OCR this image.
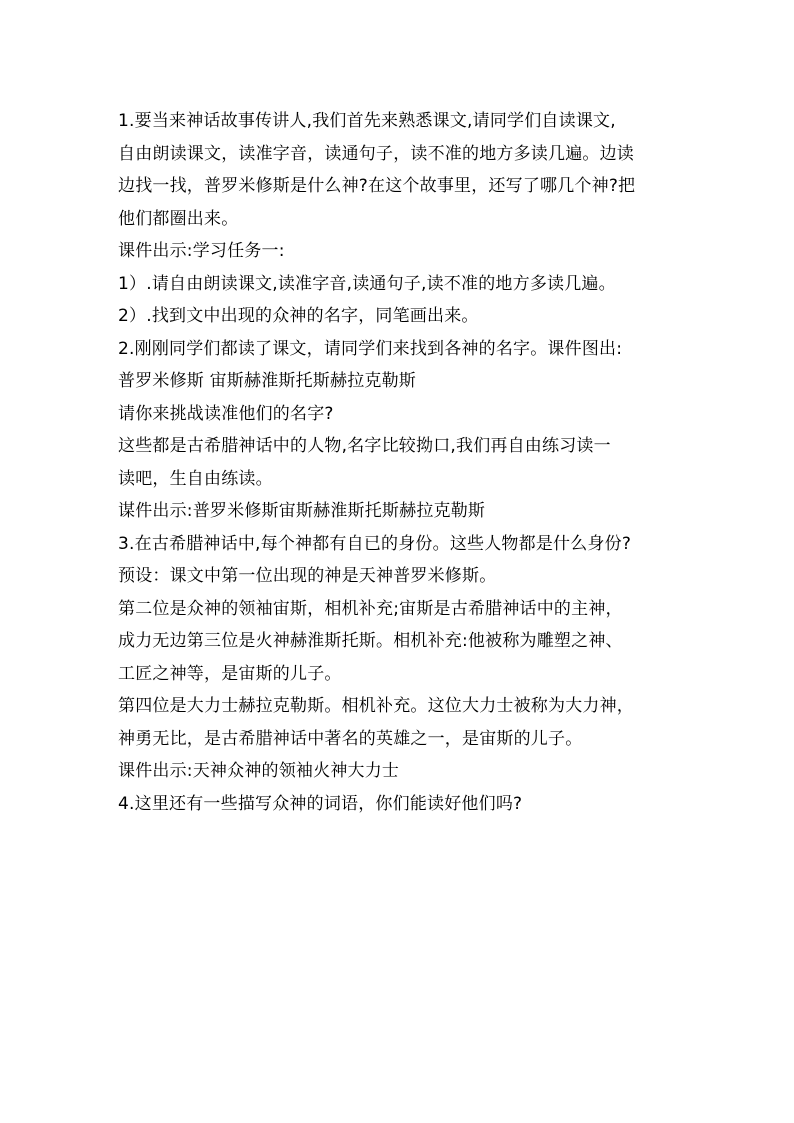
1.要当来神话故事传讲人,我们首先来熟悉课文,请同学们自读课文,
自由朗读课文，读准字音，读通句子，读不准的地方多读几遍。边读
边找一找，普罗米修斯是什么神?在这个故事里，还写了哪几个神?把
他们都圈出来。
课件出示:学习任务一:
1）.请自由朗读课文,读准字音,读通句子,读不准的地方多读几遍。
2）.找到文中出现的众神的名字，同笔画出来。
2.刚刚同学们都读了课文，请同学们来找到各神的名字。课件图出:
普罗米修斯 宙斯赫淮斯托斯赫拉克勒斯
请你来挑战读准他们的名字?
这些都是古希腊神话中的人物,名字比较拗口,我们再自由练习读一
读吧，生自由练读。
谋件出示:普罗米修斯宙斯赫淮斯托斯赫拉克勒斯
3.在古希腊神话中,每个神都有自已的身份。这些人物都是什么身份?
预设：课文中第一位出现的神是天神普罗米修斯。
第二位是众神的领袖宙斯，相机补充;宙斯是古希腊神话中的主神，
成力无边第三位是火神赫淮斯托斯。相机补充:他被称为雕塑之神、
工匠之神等，是宙斯的儿子。
第四位是大力士赫拉克勒斯。相机补充。这位大力士被称为大力神，
神勇无比，是古希腊神话中著名的英雄之一，是宙斯的儿子。
课件出示:天神众神的领袖火神大力士
4.这里还有一些描写众神的词语，你们能读好他们吗?
